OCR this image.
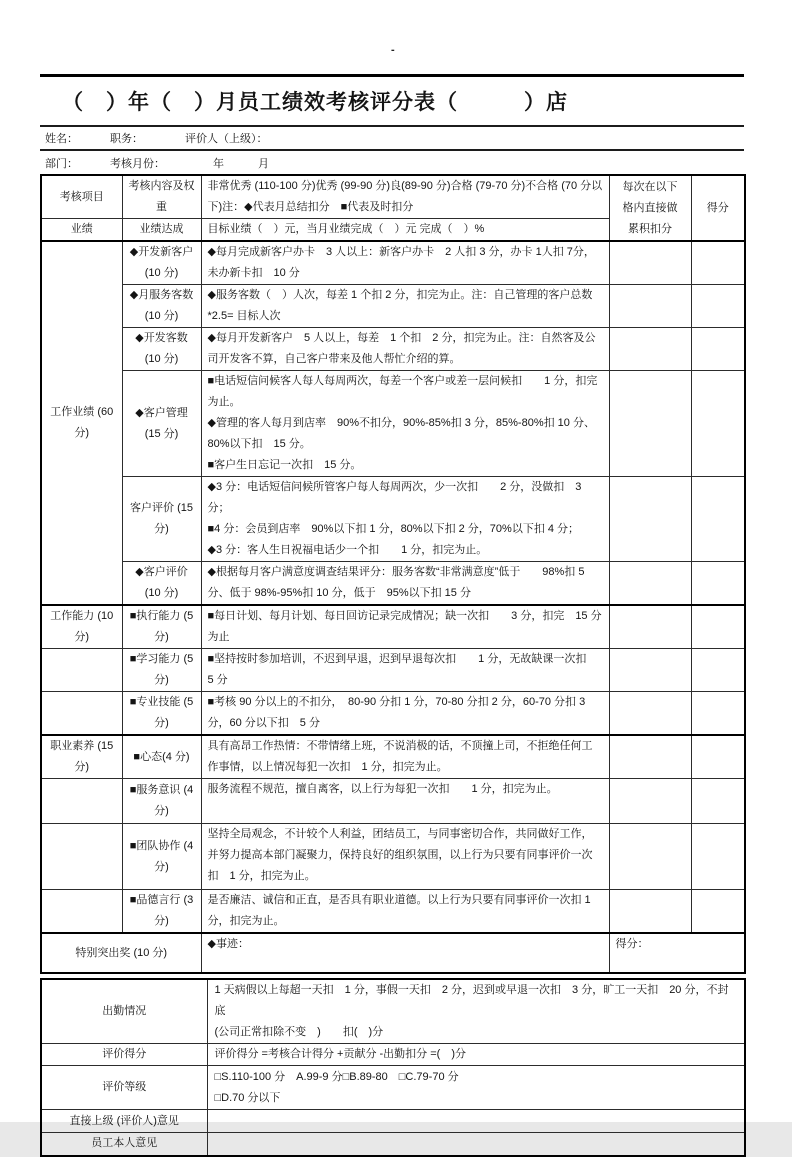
-
（　）年（　）月员工绩效考核评分表（　　　）店
姓名：	职务：	评价人（上级）：
部门：	考核月份：	年	月
考核项目	考核内容及权重	非常优秀 (110-100 分)优秀 (99-90 分)良(89-90 分)合格 (79-70 分)不合格 (70 分以下)注：◆代表月总结扣分　■代表及时扣分	每次在以下格内直接做累积扣分	得分
业绩	业绩达成	目标业绩（　）元，当月业绩完成（　）元 完成（　）%		
工作业绩 (60 分)	◆开发新客户(10 分)	◆每月完成新客户办卡　3 人以上：新客户办卡　2 人扣 3 分，办卡 1人扣 7分，未办新卡扣　10 分		

	◆月服务客数(10 分)	◆服务客数（　）人次，每差 1 个扣 2 分，扣完为止。注：自己管理的客户总数*2.5= 目标人次		

	◆开发客数 (10 分)	◆每月开发新客户　5 人以上，每差　1 个扣　2 分，扣完为止。注：自然客及公司开发客不算，自己客户带来及他人帮忙介绍的算。		

	◆客户管理 (15 分)	■电话短信问候客人每人每周两次，每差一个客户或差一层问候扣　　1 分，扣完为止。
◆管理的客人每月到店率　90%不扣分，90%-85%扣 3 分，85%-80%扣 10 分、80%以下扣　15 分。
■客户生日忘记一次扣　15 分。		

	客户评价 (15 分)	◆3 分：电话短信问候所管客户每人每周两次，少一次扣　　2 分，没做扣　3 分；
■4 分：会员到店率　90%以下扣 1 分，80%以下扣 2 分，70%以下扣 4 分；
◆3 分：客人生日祝福电话少一个扣　　1 分，扣完为止。		

	◆客户评价 (10 分)	◆根据每月客户满意度调查结果评分：服务客数“非常满意度”低于　　98%扣 5 分、低于 98%-95%扣 10 分，低于　95%以下扣 15 分		

工作能力 (10 分)	■执行能力 (5 分)	■每日计划、每月计划、每日回访记录完成情况；缺一次扣　　3 分，扣完　15 分为止		

	■学习能力 (5 分)	■坚持按时参加培训，不迟到早退，迟到早退每次扣　　1 分，无故缺课一次扣　5 分		

	■专业技能 (5 分)	■考核 90 分以上的不扣分，　80-90 分扣 1 分，70-80 分扣 2 分，60-70 分扣 3 分，60 分以下扣　5 分		

职业素养 (15 分)	■心态(4 分)	具有高昂工作热情：不带情绪上班，不说消极的话，不顶撞上司，不拒绝任何工作事情，以上情况每犯一次扣　1 分，扣完为止。		

	■服务意识 (4 分)	服务流程不规范，擅自离客，以上行为每犯一次扣　　1 分，扣完为止。		

	■团队协作 (4 分)	坚持全局观念，不计较个人利益，团结员工，与同事密切合作，共同做好工作，并努力提高本部门凝聚力，保持良好的组织氛围，以上行为只要有同事评价一次扣　1 分，扣完为止。		

	■品德言行 (3 分)	是否廉洁、诚信和正直，是否具有职业道德。以上行为只要有同事评价一次扣 1 分，扣完为止。		

特别突出奖 (10 分)		◆事迹：	得分：	
出勤情况	1 天病假以上每超一天扣　1 分，事假一天扣　2 分，迟到或早退一次扣　3 分，旷工一天扣　20 分，不封底
(公司正常扣除不变　)　　扣(　)分

评价得分	评价得分 =考核合计得分 +贡献分 -出勤扣分 =(　)分

评价等级	□S.110-100 分　A.99-9 分□B.89-80　□C.79-70 分
□D.70 分以下

直接上级 (评价人)意见	

员工本人意见	
